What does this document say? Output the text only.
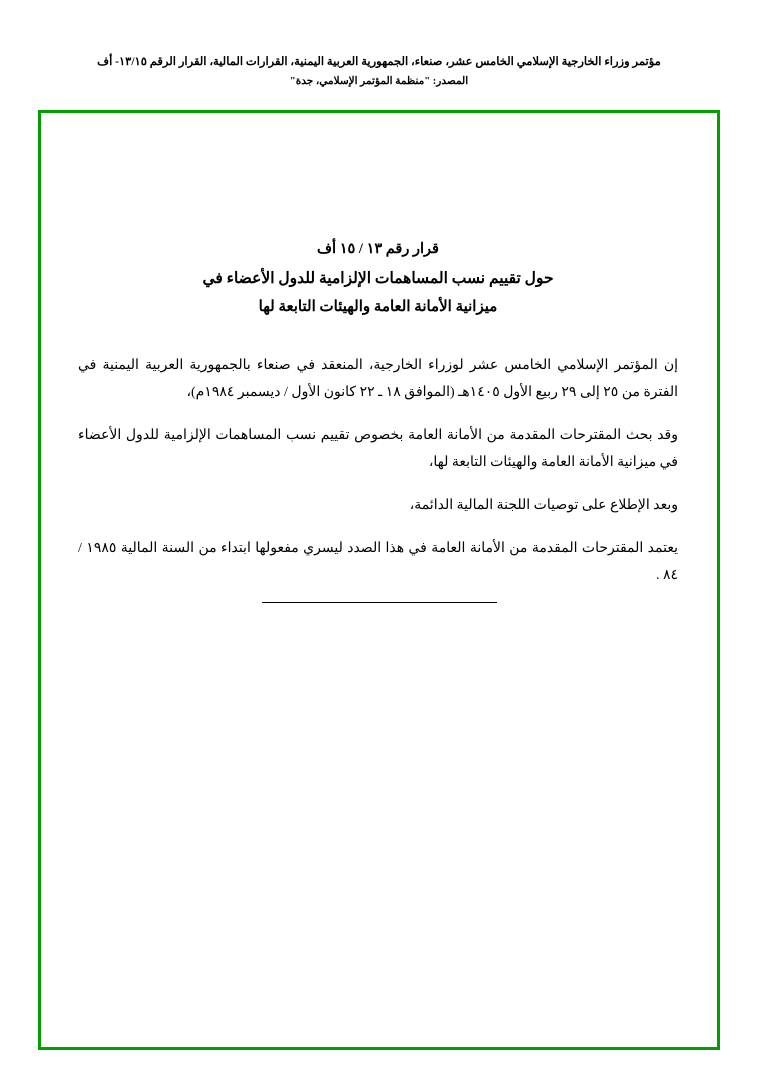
مؤتمر وزراء الخارجية الإسلامي الخامس عشر، صنعاء، الجمهورية العربية اليمنية، القرارات المالية، القرار الرقم ١٣/١٥- أف
المصدر: "منظمة المؤتمر الإسلامي، جدة"
قرار رقم ١٣ / ١٥ أف
حول تقييم نسب المساهمات الإلزامية للدول الأعضاء في
ميزانية الأمانة العامة والهيئات التابعة لها

إن المؤتمر الإسلامي الخامس عشر لوزراء الخارجية، المنعقد في صنعاء بالجمهورية العربية اليمنية في الفترة من ٢٥ إلى ٢٩ ربيع الأول ١٤٠٥هـ (الموافق ١٨ ـ ٢٢ كانون الأول / ديسمبر ١٩٨٤م)،

وقد بحث المقترحات المقدمة من الأمانة العامة بخصوص تقييم نسب المساهمات الإلزامية للدول الأعضاء في ميزانية الأمانة العامة والهيئات التابعة لها،

وبعد الإطلاع على توصيات اللجنة المالية الدائمة،

يعتمد المقترحات المقدمة من الأمانة العامة في هذا الصدد ليسري مفعولها ابتداء من السنة المالية ١٩٨٥ / ٨٤ .
